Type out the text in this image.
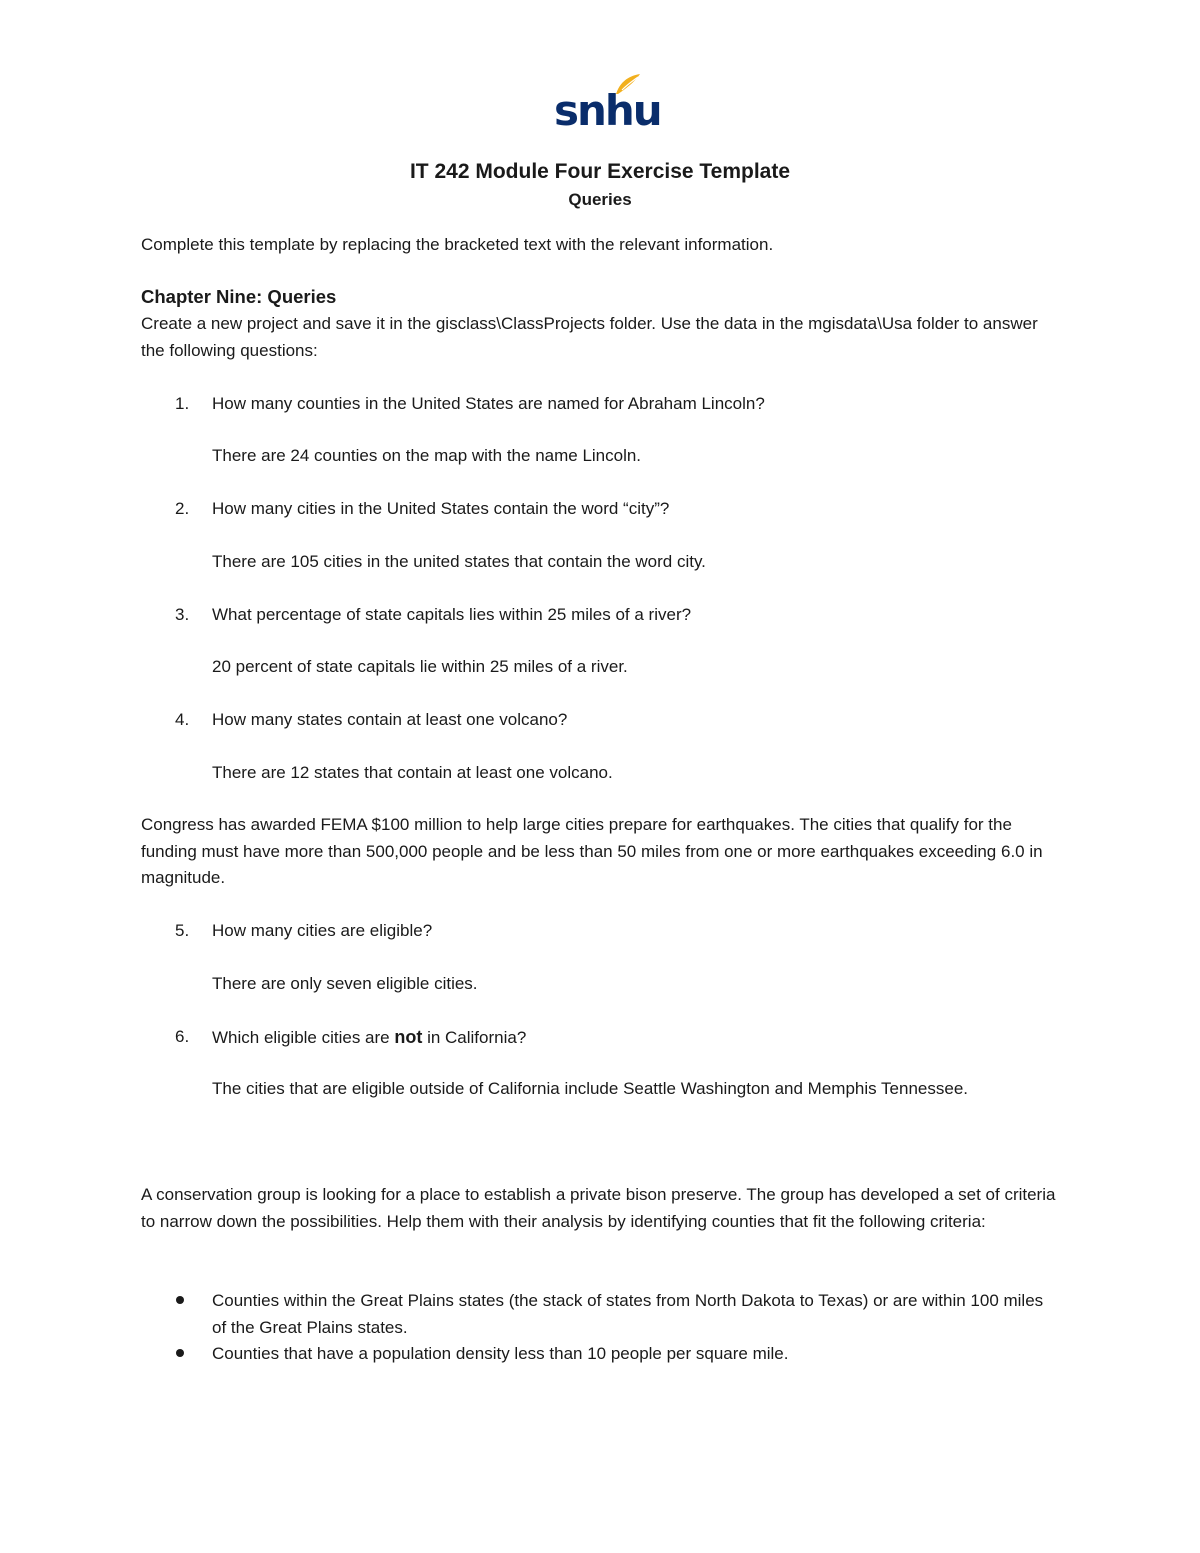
snhu
IT 242 Module Four Exercise Template
Queries
Complete this template by replacing the bracketed text with the relevant information.
Chapter Nine: Queries
Create a new project and save it in the gisclass\ClassProjects folder. Use the data in the mgisdata\Usa folder to answer the following questions:
1. How many counties in the United States are named for Abraham Lincoln?
There are 24 counties on the map with the name Lincoln.
2. How many cities in the United States contain the word “city”?
There are 105 cities in the united states that contain the word city.
3. What percentage of state capitals lies within 25 miles of a river?
20 percent of state capitals lie within 25 miles of a river.
4. How many states contain at least one volcano?
There are 12 states that contain at least one volcano.
Congress has awarded FEMA $100 million to help large cities prepare for earthquakes. The cities that qualify for the funding must have more than 500,000 people and be less than 50 miles from one or more earthquakes exceeding 6.0 in magnitude.
5. How many cities are eligible?
There are only seven eligible cities.
6. Which eligible cities are not in California?
The cities that are eligible outside of California include Seattle Washington and Memphis Tennessee.
A conservation group is looking for a place to establish a private bison preserve. The group has developed a set of criteria to narrow down the possibilities. Help them with their analysis by identifying counties that fit the following criteria:
Counties within the Great Plains states (the stack of states from North Dakota to Texas) or are within 100 miles of the Great Plains states.
Counties that have a population density less than 10 people per square mile.
